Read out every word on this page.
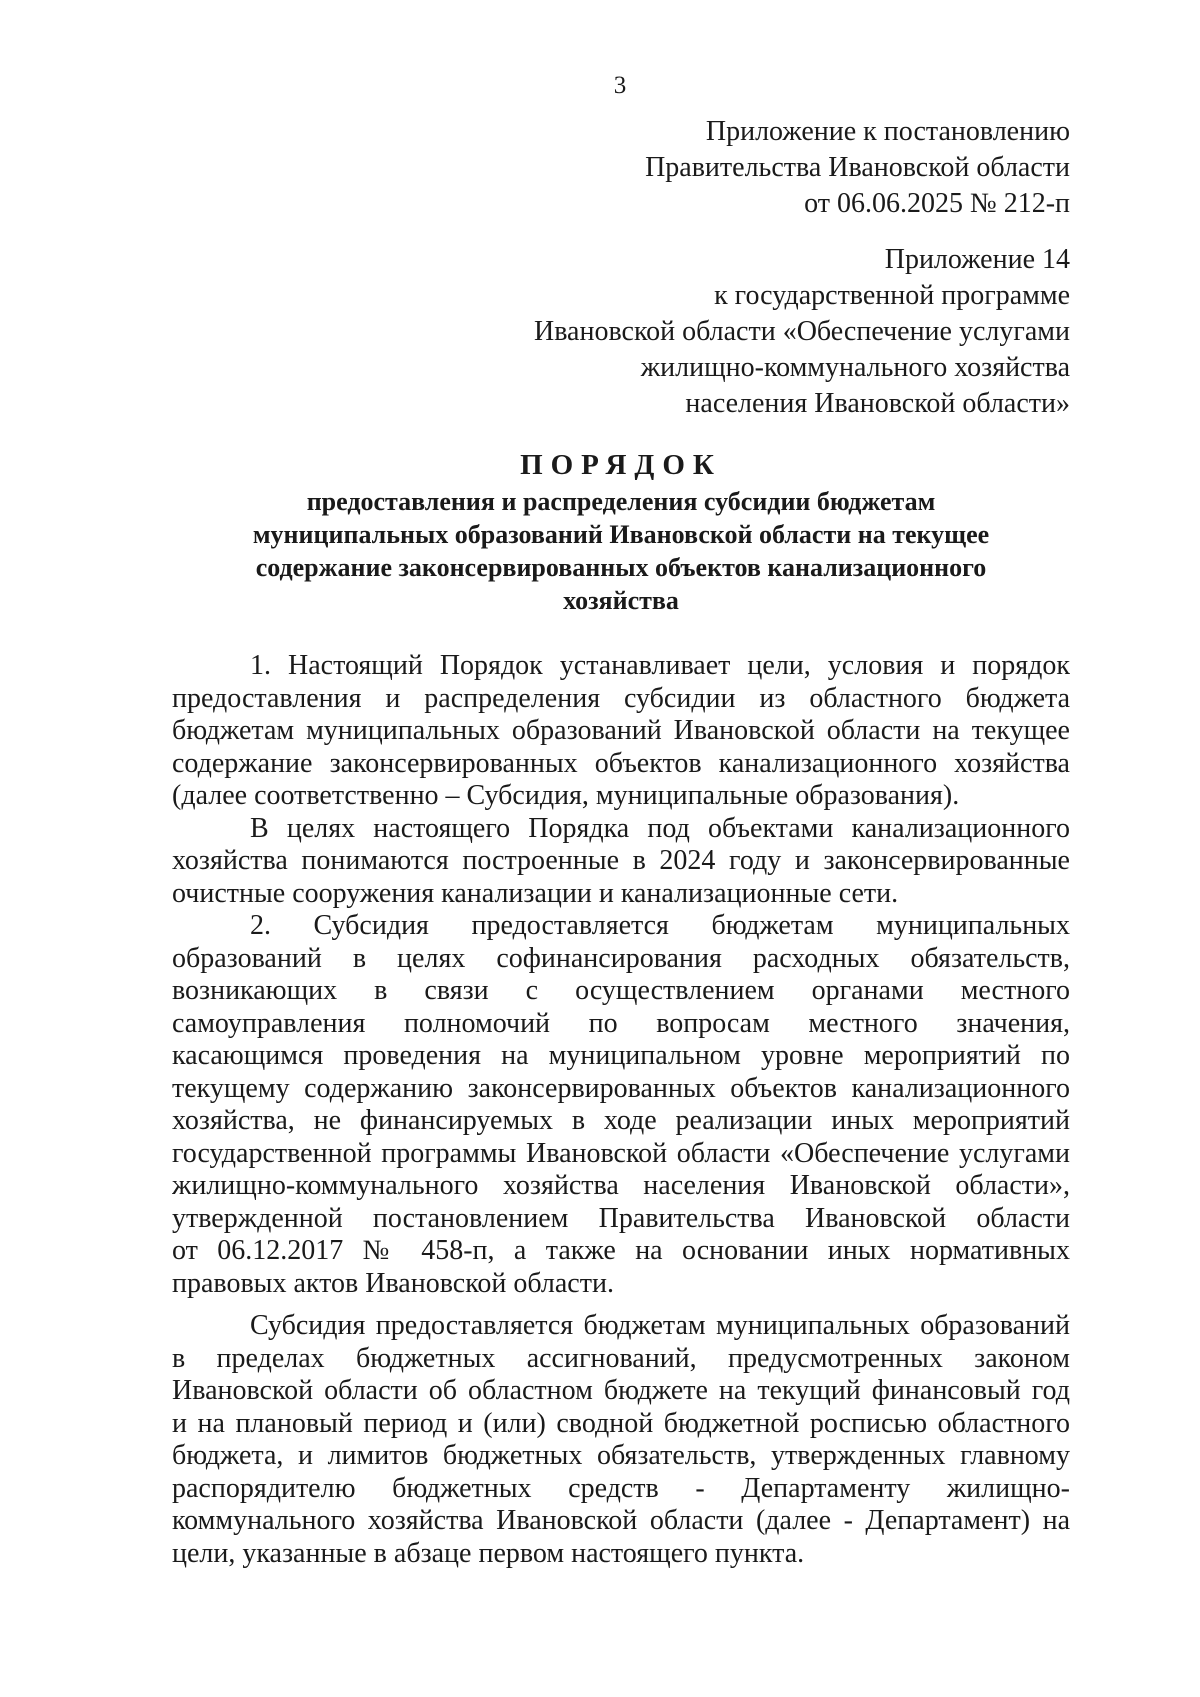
3
Приложение к постановлению
Правительства Ивановской области
от 06.06.2025 № 212-п
Приложение 14
к государственной программе
Ивановской области «Обеспечение услугами
жилищно-коммунального хозяйства
населения Ивановской области»
ПОРЯДОК
предоставления и распределения субсидии бюджетам
муниципальных образований Ивановской области на текущее
содержание законсервированных объектов канализационного
хозяйства
1. Настоящий Порядок устанавливает цели, условия и порядок
предоставления и распределения субсидии из областного бюджета
бюджетам муниципальных образований Ивановской области на текущее
содержание законсервированных объектов канализационного хозяйства
(далее соответственно – Субсидия, муниципальные образования).
В целях настоящего Порядка под объектами канализационного
хозяйства понимаются построенные в 2024 году и законсервированные
очистные сооружения канализации и канализационные сети.
2. Субсидия предоставляется бюджетам муниципальных
образований в целях софинансирования расходных обязательств,
возникающих в связи с осуществлением органами местного
самоуправления полномочий по вопросам местного значения,
касающимся проведения на муниципальном уровне мероприятий по
текущему содержанию законсервированных объектов канализационного
хозяйства, не финансируемых в ходе реализации иных мероприятий
государственной программы Ивановской области «Обеспечение услугами
жилищно-коммунального хозяйства населения Ивановской области»,
утвержденной постановлением Правительства Ивановской области
от 06.12.2017 № 458-п, а также на основании иных нормативных
правовых актов Ивановской области.
Субсидия предоставляется бюджетам муниципальных образований
в пределах бюджетных ассигнований, предусмотренных законом
Ивановской области об областном бюджете на текущий финансовый год
и на плановый период и (или) сводной бюджетной росписью областного
бюджета, и лимитов бюджетных обязательств, утвержденных главному
распорядителю бюджетных средств - Департаменту жилищно-
коммунального хозяйства Ивановской области (далее - Департамент) на
цели, указанные в абзаце первом настоящего пункта.
